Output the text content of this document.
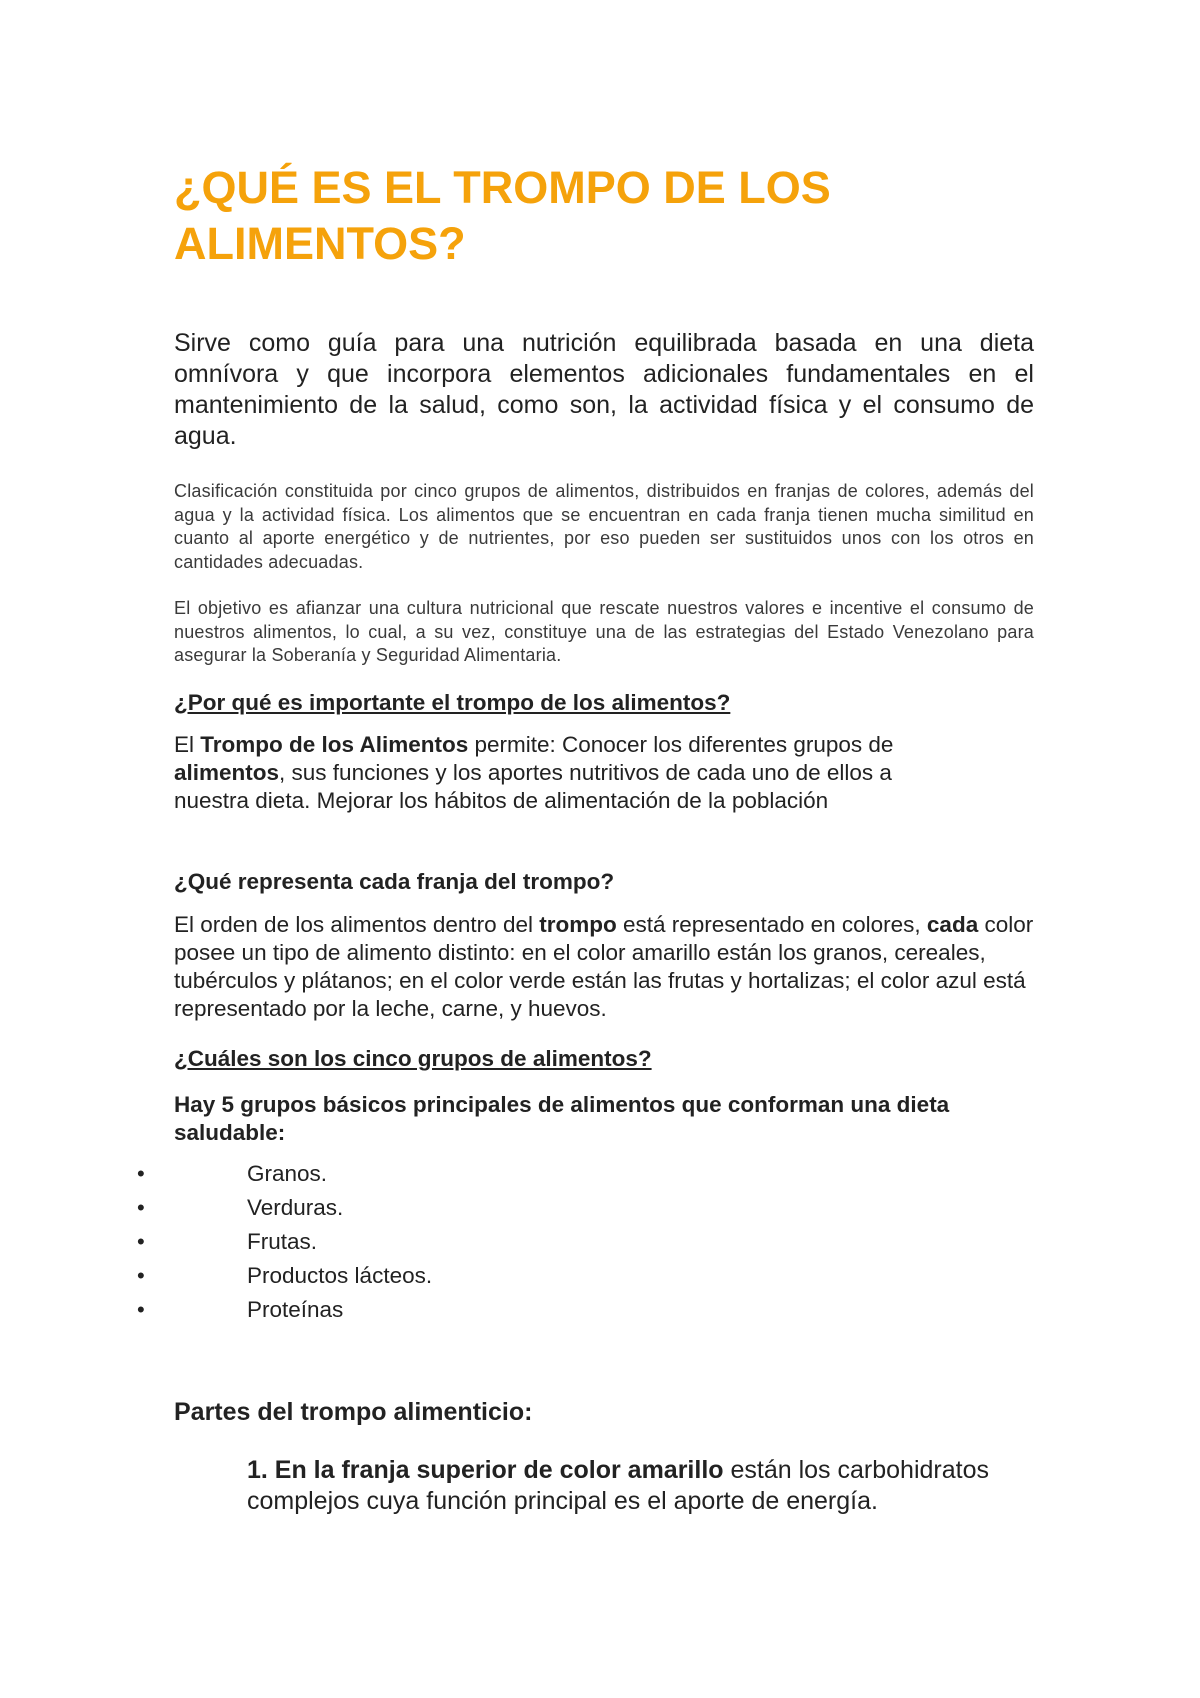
¿QUÉ ES EL TROMPO DE LOS ALIMENTOS?

Sirve como guía para una nutrición equilibrada basada en una dieta omnívora y que incorpora elementos adicionales fundamentales en el mantenimiento de la salud, como son, la actividad física y el consumo de agua.

Clasificación constituida por cinco grupos de alimentos, distribuidos en franjas de colores, además del agua y la actividad física. Los alimentos que se encuentran en cada franja tienen mucha similitud en cuanto al aporte energético y de nutrientes, por eso pueden ser sustituidos unos con los otros en cantidades adecuadas.

El objetivo es afianzar una cultura nutricional que rescate nuestros valores e incentive el consumo de nuestros alimentos, lo cual, a su vez, constituye una de las estrategias del Estado Venezolano para asegurar la Soberanía y Seguridad Alimentaria.

¿Por qué es importante el trompo de los alimentos?

El Trompo de los Alimentos permite: Conocer los diferentes grupos de alimentos, sus funciones y los aportes nutritivos de cada uno de ellos a nuestra dieta. Mejorar los hábitos de alimentación de la población

¿Qué representa cada franja del trompo?

El orden de los alimentos dentro del trompo está representado en colores, cada color posee un tipo de alimento distinto: en el color amarillo están los granos, cereales, tubérculos y plátanos; en el color verde están las frutas y hortalizas; el color azul está representado por la leche, carne, y huevos.

¿Cuáles son los cinco grupos de alimentos?

Hay 5 grupos básicos principales de alimentos que conforman una dieta saludable:

•	Granos.
•	Verduras.
•	Frutas.
•	Productos lácteos.
•	Proteínas
Partes del trompo alimenticio:

1. En la franja superior de color amarillo están los carbohidratos complejos cuya función principal es el aporte de energía.
